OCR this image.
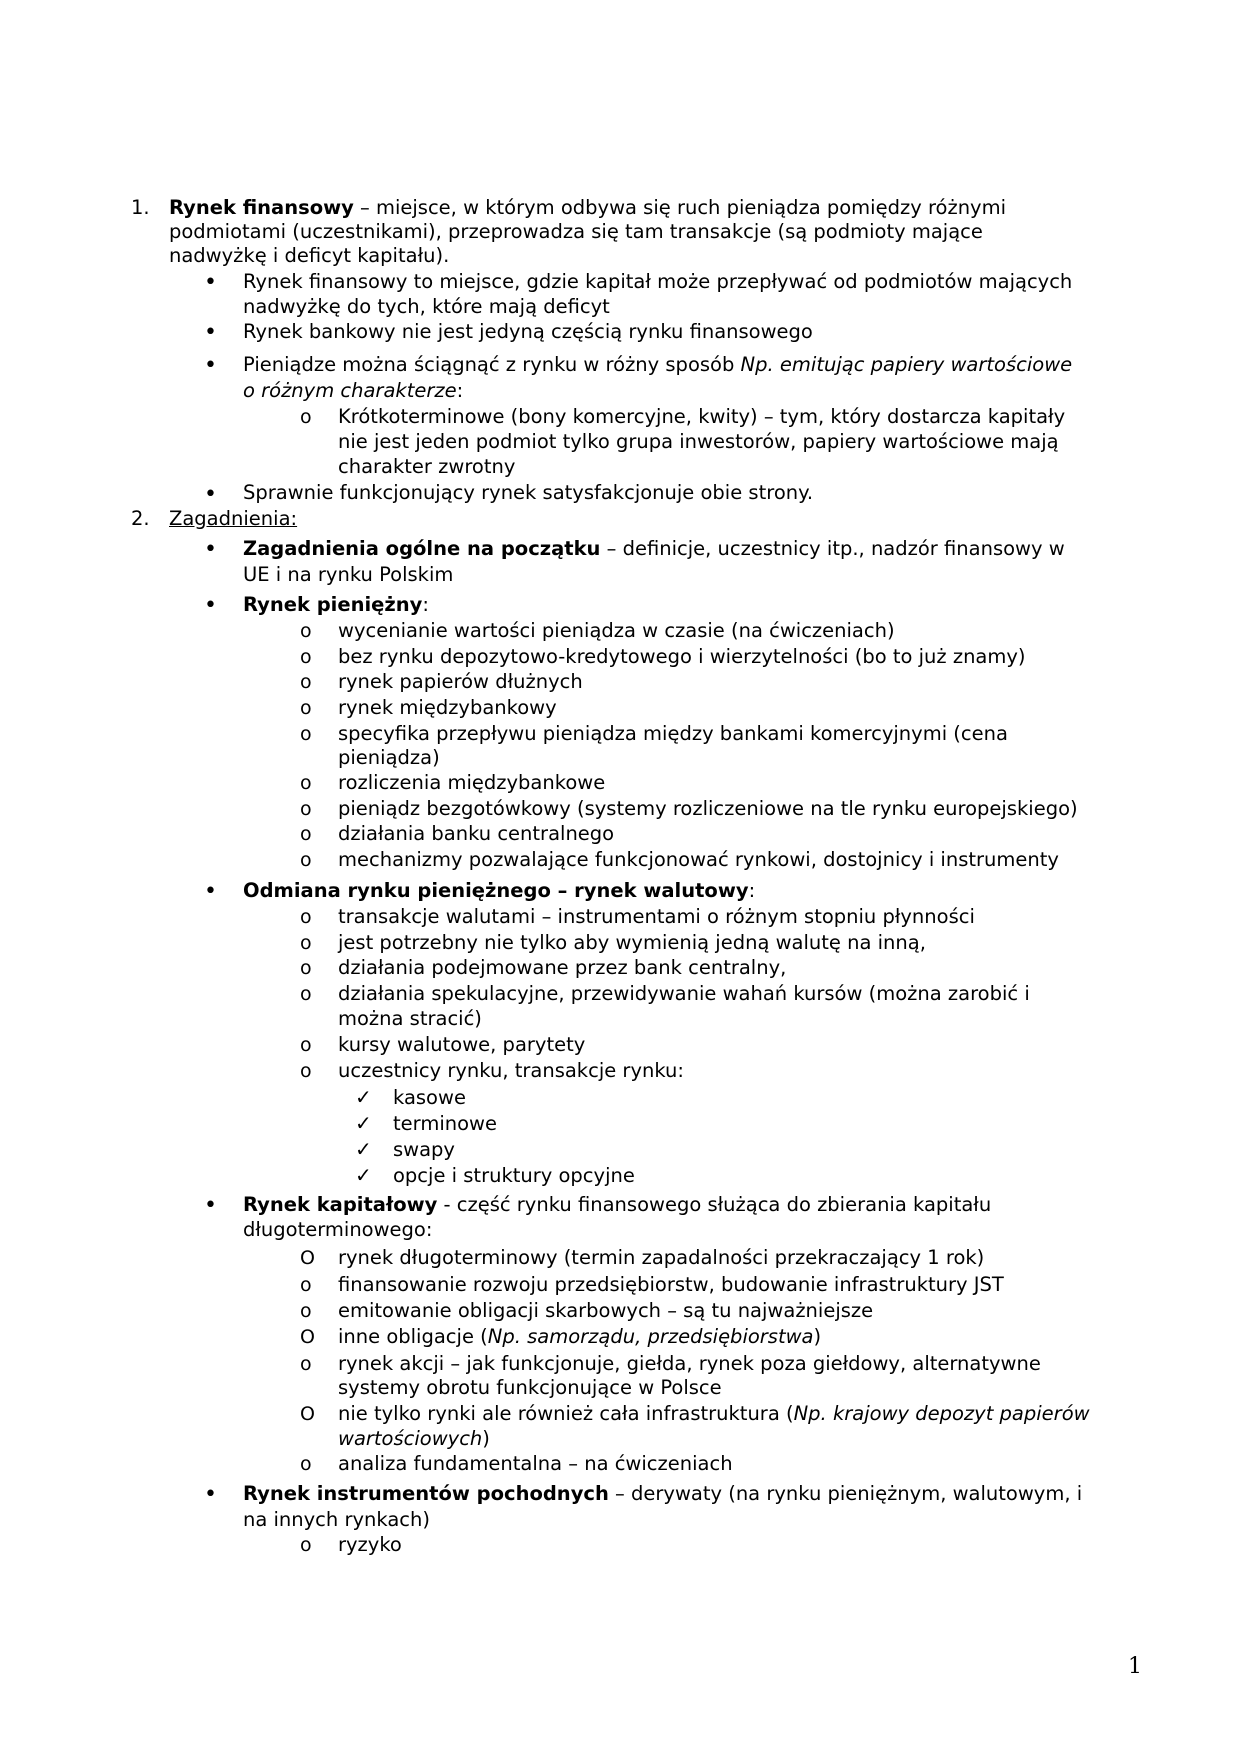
1. Rynek finansowy – miejsce, w którym odbywa się ruch pieniądza pomiędzy różnymi
podmiotami (uczestnikami), przeprowadza się tam transakcje (są podmioty mające
nadwyżkę i deficyt kapitału).
• Rynek finansowy to miejsce, gdzie kapitał może przepływać od podmiotów mających
nadwyżkę do tych, które mają deficyt
• Rynek bankowy nie jest jedyną częścią rynku finansowego
• Pieniądze można ściągnąć z rynku w różny sposób Np. emitując papiery wartościowe
o różnym charakterze:
o Krótkoterminowe (bony komercyjne, kwity) – tym, który dostarcza kapitały
nie jest jeden podmiot tylko grupa inwestorów, papiery wartościowe mają
charakter zwrotny
• Sprawnie funkcjonujący rynek satysfakcjonuje obie strony.
2. Zagadnienia:
• Zagadnienia ogólne na początku – definicje, uczestnicy itp., nadzór finansowy w
UE i na rynku Polskim
• Rynek pieniężny:
o wycenianie wartości pieniądza w czasie (na ćwiczeniach)
o bez rynku depozytowo-kredytowego i wierzytelności (bo to już znamy)
o rynek papierów dłużnych
o rynek międzybankowy
o specyfika przepływu pieniądza między bankami komercyjnymi (cena
pieniądza)
o rozliczenia międzybankowe
o pieniądz bezgotówkowy (systemy rozliczeniowe na tle rynku europejskiego)
o działania banku centralnego
o mechanizmy pozwalające funkcjonować rynkowi, dostojnicy i instrumenty
• Odmiana rynku pieniężnego – rynek walutowy:
o transakcje walutami – instrumentami o różnym stopniu płynności
o jest potrzebny nie tylko aby wymienią jedną walutę na inną,
o działania podejmowane przez bank centralny,
o działania spekulacyjne, przewidywanie wahań kursów (można zarobić i
można stracić)
o kursy walutowe, parytety
o uczestnicy rynku, transakcje rynku:
✓ kasowe
✓ terminowe
✓ swapy
✓ opcje i struktury opcyjne
• Rynek kapitałowy - część rynku finansowego służąca do zbierania kapitału
długoterminowego:
O rynek długoterminowy (termin zapadalności przekraczający 1 rok)
o finansowanie rozwoju przedsiębiorstw, budowanie infrastruktury JST
o emitowanie obligacji skarbowych – są tu najważniejsze
O inne obligacje (Np. samorządu, przedsiębiorstwa)
o rynek akcji – jak funkcjonuje, giełda, rynek poza giełdowy, alternatywne
systemy obrotu funkcjonujące w Polsce
O nie tylko rynki ale również cała infrastruktura (Np. krajowy depozyt papierów
wartościowych)
o analiza fundamentalna – na ćwiczeniach
• Rynek instrumentów pochodnych – derywaty (na rynku pieniężnym, walutowym, i
na innych rynkach)
o ryzyko
1
